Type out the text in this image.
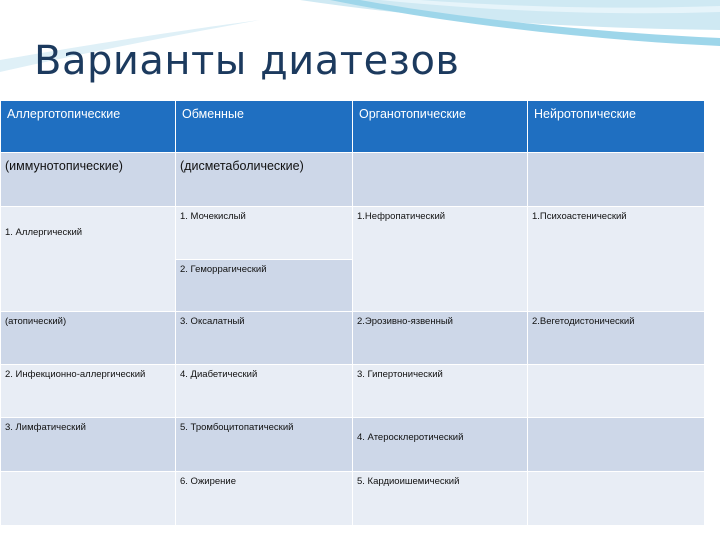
Варианты диатезов
Аллерготопические	Обменные	Органотопические	Нейротопические

(иммунотопические)	(дисметаболические)		

1. Аллергический	1. Мочекислый	1.Нефропатический	1.Психоастенический

	2. Геморрагический		

(атопический)	3. Оксалатный	2.Эрозивно-язвенный	2.Вегетодистонический

2. Инфекционно-аллергический	4. Диабетический	3. Гипертонический	

3. Лимфатический	5. Тромбоцитопатический	4. Атеросклеротический	

	6. Ожирение	5. Кардиоишемический	
